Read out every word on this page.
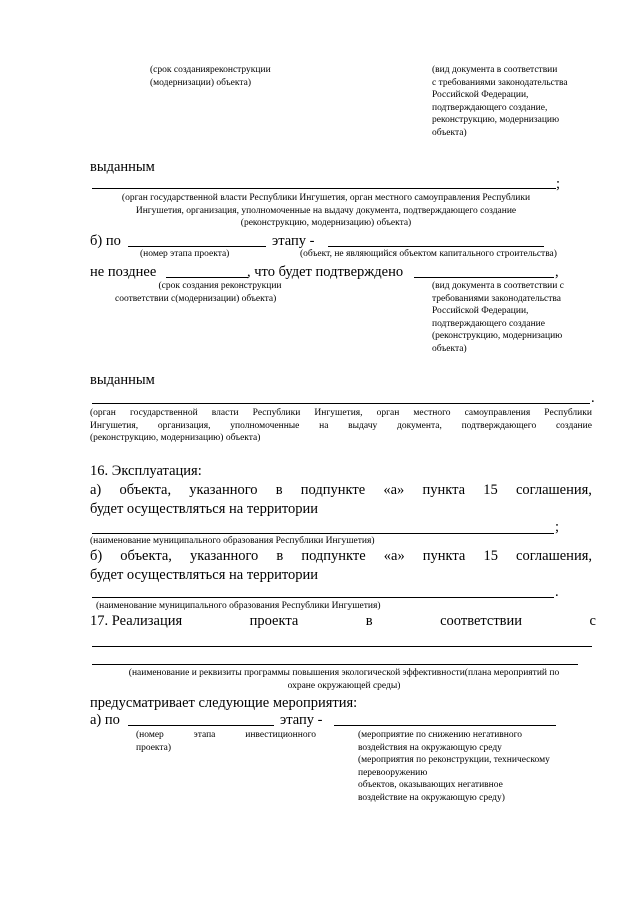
(срок созданияреконструкции
(модернизации) объекта)
(вид документа в соответствии
с требованиями законодательства
Российской Федерации,
подтверждающего создание,
реконструкцию, модернизацию
объекта)
выданным
;
(орган государственной власти Республики Ингушетия, орган местного самоуправления Республики
Ингушетия, организация, уполномоченные на выдачу документа, подтверждающего создание
(реконструкцию, модернизацию) объекта)
б) по	этапу -
(номер этапа проекта)	(объект, не являющийся объектом капитального строительства)
не позднее	, что будет подтверждено	,
(срок создания реконструкции
соответствии с(модернизации) объекта)
(вид документа в соответствии с
требованиями законодательства
Российской Федерации,
подтверждающего создание
(реконструкцию, модернизацию
объекта)
выданным
.
(орган государственной власти Республики Ингушетия, орган местного самоуправления Республики
Ингушетия, организация, уполномоченные на выдачу документа, подтверждающего создание
(реконструкцию, модернизацию) объекта)
16. Эксплуатация:
а) объекта, указанного в подпункте «а» пункта 15 соглашения,
будет осуществляться на территории
;
(наименование муниципального образования Республики Ингушетия)
б) объекта, указанного в подпункте «а» пункта 15 соглашения,
будет осуществляться на территории
.
(наименование муниципального образования Республики Ингушетия)
17. Реализация	проекта	в	соответствии	с
(наименование и реквизиты программы повышения экологической эффективности(плана мероприятий по
охране окружающей среды)
предусматривает следующие мероприятия:
а) по	этапу -
(номер	этапа	инвестиционного
проекта)
(мероприятие по снижению негативного
воздействия на окружающую среду
(мероприятия по реконструкции, техническому
перевооружению
объектов, оказывающих негативное
воздействие на окружающую среду)
